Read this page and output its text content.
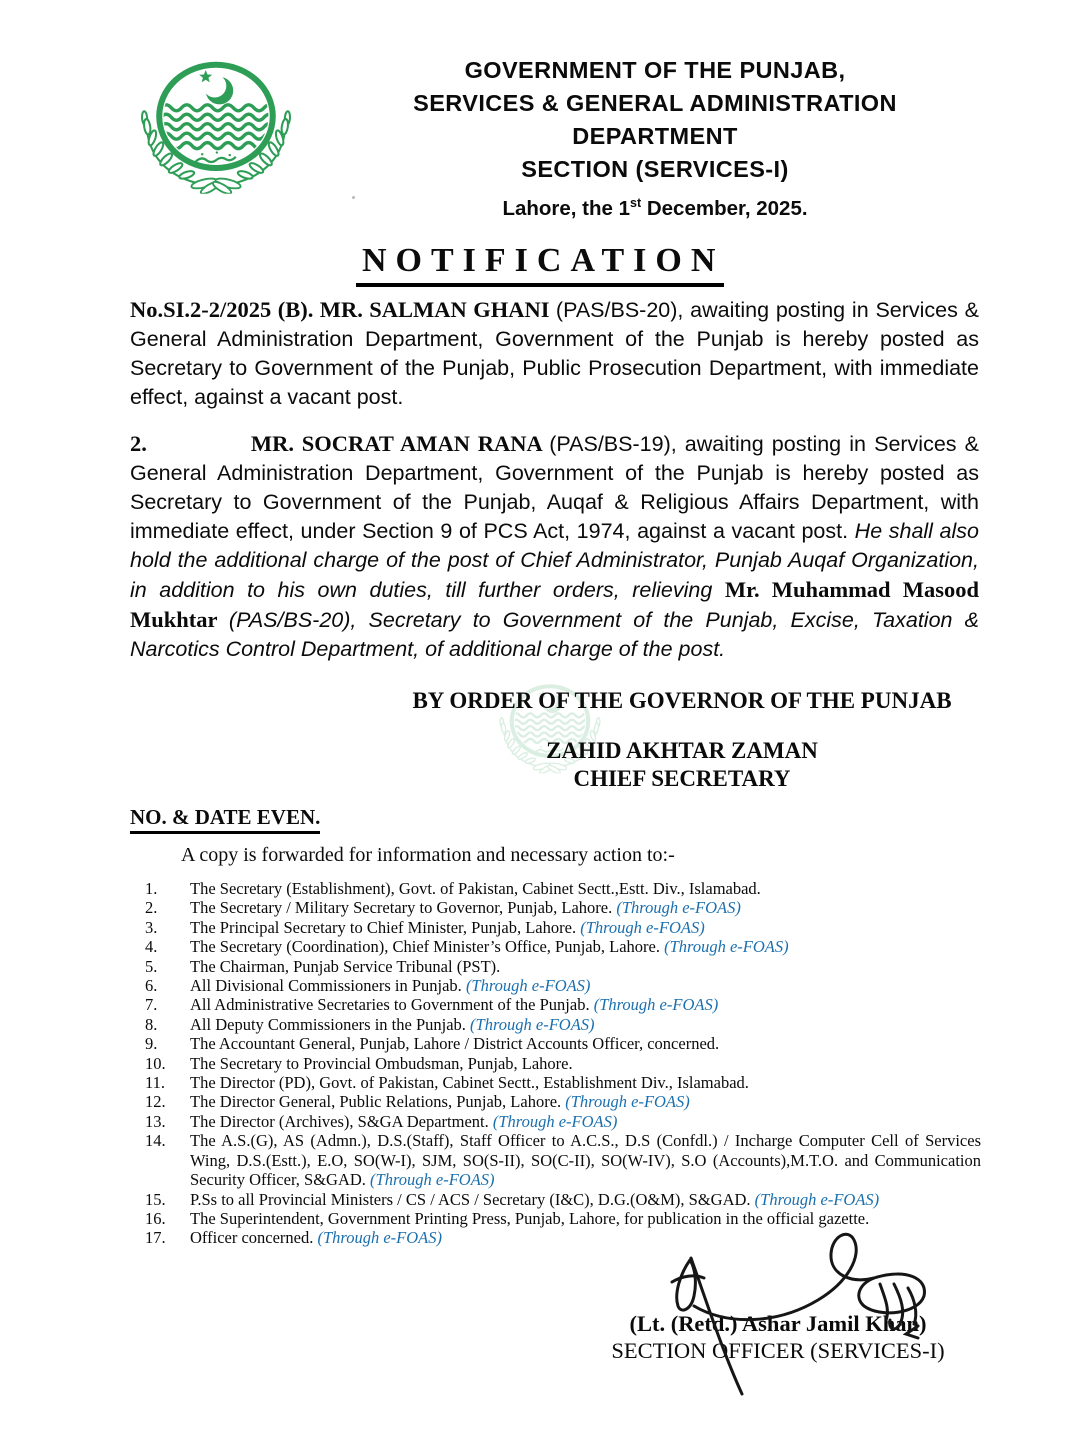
GOVERNMENT OF THE PUNJAB,
SERVICES & GENERAL ADMINISTRATION
DEPARTMENT
SECTION (SERVICES-I)
Lahore, the 1st December, 2025.
NOTIFICATION
No.SI.2-2/2025 (B). MR. SALMAN GHANI (PAS/BS-20), awaiting posting in Services & General Administration Department, Government of the Punjab is hereby posted as Secretary to Government of the Punjab, Public Prosecution Department, with immediate effect, against a vacant post.
2.	MR. SOCRAT AMAN RANA (PAS/BS-19), awaiting posting in Services & General Administration Department, Government of the Punjab is hereby posted as Secretary to Government of the Punjab, Auqaf & Religious Affairs Department, with immediate effect, under Section 9 of PCS Act, 1974, against a vacant post. He shall also hold the additional charge of the post of Chief Administrator, Punjab Auqaf Organization, in addition to his own duties, till further orders, relieving Mr. Muhammad Masood Mukhtar (PAS/BS-20), Secretary to Government of the Punjab, Excise, Taxation & Narcotics Control Department, of additional charge of the post.
BY ORDER OF THE GOVERNOR OF THE PUNJAB
ZAHID AKHTAR ZAMAN
CHIEF SECRETARY
NO. & DATE EVEN.
A copy is forwarded for information and necessary action to:-
1.	The Secretary (Establishment), Govt. of Pakistan, Cabinet Sectt.,Estt. Div., Islamabad.
2.	The Secretary / Military Secretary to Governor, Punjab, Lahore. (Through e-FOAS)
3.	The Principal Secretary to Chief Minister, Punjab, Lahore. (Through e-FOAS)
4.	The Secretary (Coordination), Chief Minister’s Office, Punjab, Lahore. (Through e-FOAS)
5.	The Chairman, Punjab Service Tribunal (PST).
6.	All Divisional Commissioners in Punjab. (Through e-FOAS)
7.	All Administrative Secretaries to Government of the Punjab. (Through e-FOAS)
8.	All Deputy Commissioners in the Punjab. (Through e-FOAS)
9.	The Accountant General, Punjab, Lahore / District Accounts Officer, concerned.
10.	The Secretary to Provincial Ombudsman, Punjab, Lahore.
11.	The Director (PD), Govt. of Pakistan, Cabinet Sectt., Establishment Div., Islamabad.
12.	The Director General, Public Relations, Punjab, Lahore. (Through e-FOAS)
13.	The Director (Archives), S&GA Department. (Through e-FOAS)
14.	The A.S.(G), AS (Admn.), D.S.(Staff), Staff Officer to A.C.S., D.S (Confdl.) / Incharge Computer Cell of Services Wing, D.S.(Estt.), E.O, SO(W-I), SJM, SO(S-II), SO(C-II), SO(W-IV), S.O (Accounts),M.T.O. and Communication Security Officer, S&GAD. (Through e-FOAS)
15.	P.Ss to all Provincial Ministers / CS / ACS / Secretary (I&C), D.G.(O&M), S&GAD. (Through e-FOAS)
16.	The Superintendent, Government Printing Press, Punjab, Lahore, for publication in the official gazette.
17.	Officer concerned. (Through e-FOAS)
(Lt. (Retd.) Ashar Jamil Khan)
SECTION OFFICER (SERVICES-I)
